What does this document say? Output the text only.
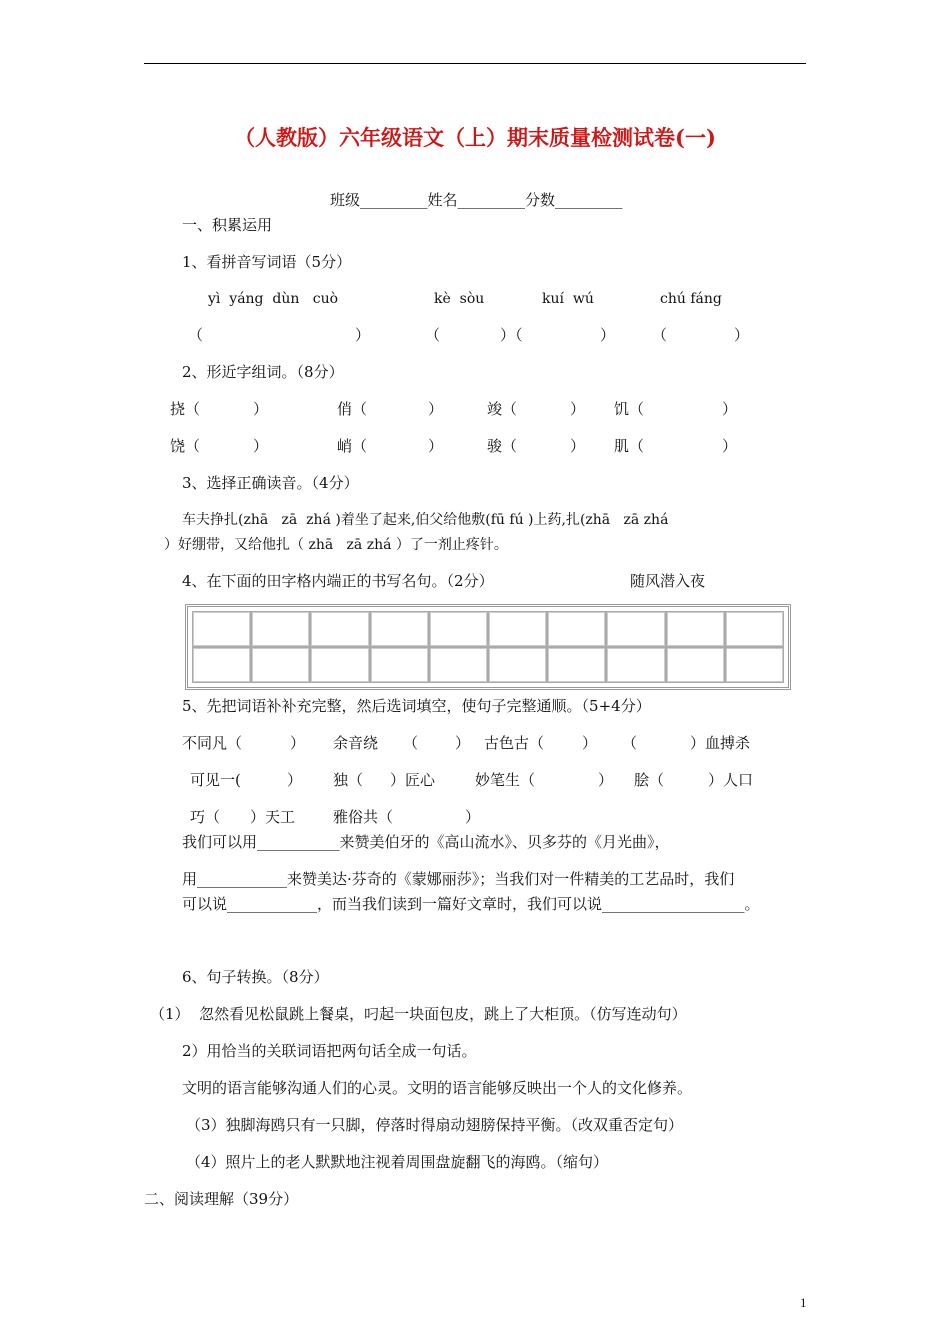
（人教版）六年级语文（上）期末质量检测试卷(一)
班级_________姓名_________分数_________
一、积累运用
1、看拼音写词语（5分）
yì  yáng  dùn   cuò	kè  sòu	kuí  wú	chú fáng
（	）	（	）（	） （	）
2、形近字组词。（8分）
挠（	）	俏（	）	竣（	） 饥（	）
饶（	）	峭（	）	骏（	） 肌（	）
3、选择正确读音。（4分）
车夫挣扎(zhā   zā  zhá )着坐了起来,伯父给他敷(fū fú )上药,扎(zhā   zā zhá
）好绷带，又给他扎（ zhā   zā zhá ）了一剂止疼针。
4、在下面的田字格内端正的书写名句。（2分）	随风潜入夜
5、先把词语补补充完整，然后选词填空，使句子完整通顺。（5+4分）
不同凡（	） 余音绕 （ ） 古色古（	） （	）血搏杀
可见一(	） 独（ ）匠心	妙笔生（	） 脍（	）人口
巧（ ）天工	雅俗共（	）
我们可以用___________来赞美伯牙的《高山流水》、贝多芬的《月光曲》，
用____________来赞美达·芬奇的《蒙娜丽莎》；当我们对一件精美的工艺品时，我们
可以说____________，而当我们读到一篇好文章时，我们可以说___________________。
6、句子转换。（8分）
（1）  忽然看见松鼠跳上餐桌，叼起一块面包皮，跳上了大柜顶。（仿写连动句）
2）用恰当的关联词语把两句话全成一句话。
文明的语言能够沟通人们的心灵。文明的语言能够反映出一个人的文化修养。
（3）独脚海鸥只有一只脚，停落时得扇动翅膀保持平衡。（改双重否定句）
（4）照片上的老人默默地注视着周围盘旋翻飞的海鸥。（缩句）
二、阅读理解（39分）
1
